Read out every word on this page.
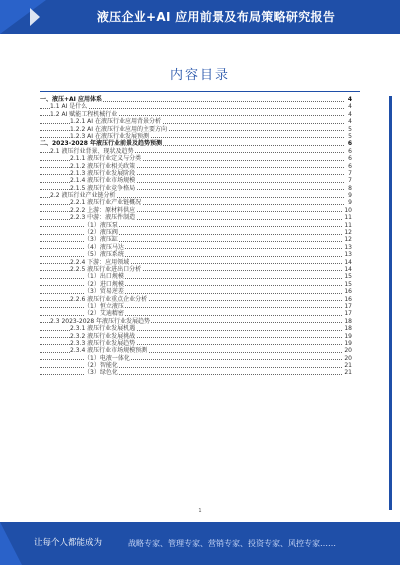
液压企业+AI 应用前景及布局策略研究报告
内容目录
一、液压+AI 应用体系	4
1.1 AI 是什么	4
1.2 AI 赋能工程机械行业	4
1.2.1 AI 在液压行业应用背景分析	4
1.2.2 AI 在液压行业应用的主要方向	5
1.2.3 AI 在液压行业发展预测	5
二、2023-2028 年液压行业前景及趋势预测	6
2.1 液压行业背景、现状及趋势	6
2.1.1 液压行业定义与分类	6
2.1.2 液压行业相关政策	6
2.1.3 液压行业发展阶段	7
2.1.4 液压行业市场规模	7
2.1.5 液压行业竞争格局	8
2.2 液压行业产业链分析	9
2.2.1 液压行业产业链概况	9
2.2.2 上游：原材料供应	10
2.2.3 中游：液压件制造	11
（1）液压泵	11
（2）液压阀	12
（3）液压缸	12
（4）液压马达	13
（5）液压系统	13
2.2.4 下游：应用领域	14
2.2.5 液压行业进出口分析	14
（1）出口规模	15
（2）进口规模	15
（3）贸易逆差	16
2.2.6 液压行业重点企业分析	16
（1）恒立液压	17
（2）艾迪精密	17
2.3 2023-2028 年液压行业发展趋势	18
2.3.1 液压行业发展机遇	18
2.3.2 液压行业发展挑战	19
2.3.3 液压行业发展趋势	19
2.3.4 液压行业市场规模预测	20
（1）电液一体化	20
（2）智能化	21
（3）绿色化	21
1
让每个人都能成为	战略专家、管理专家、营销专家、投资专家、风控专家……
